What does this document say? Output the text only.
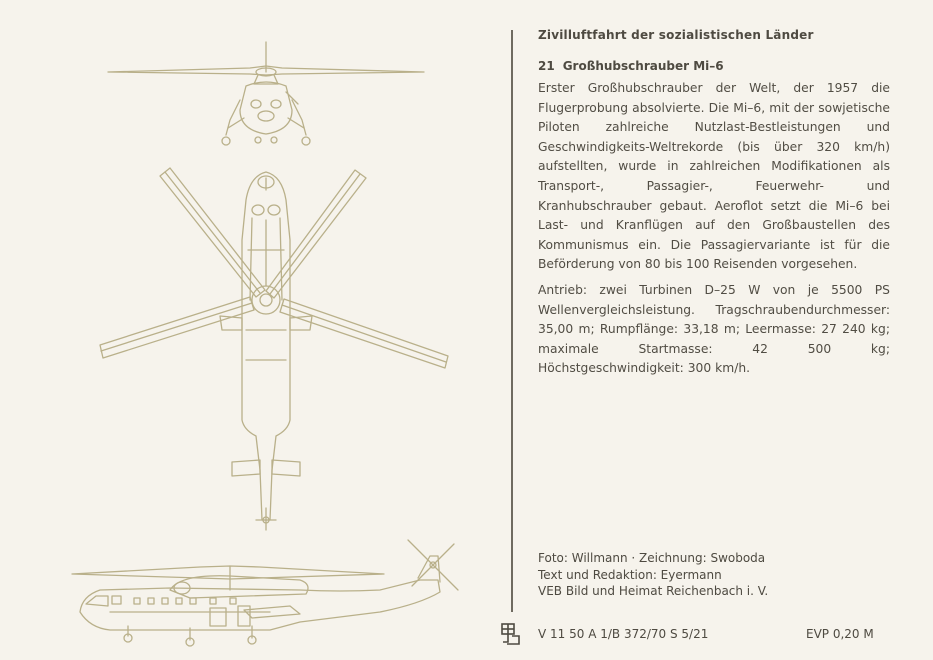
Zivilluftfahrt der sozialistischen Länder

21 Großhubschrauber Mi–6

Erster Großhubschrauber der Welt, der 1957 die Flugerprobung absolvierte. Die Mi–6, mit der sowjetische Piloten zahlreiche Nutzlast-Bestleistungen und Geschwindigkeits-Weltrekorde (bis über 320 km/h) aufstellten, wurde in zahlreichen Modifikationen als Transport-, Passagier-, Feuerwehr- und Kranhubschrauber gebaut. Aeroflot setzt die Mi–6 bei Last- und Kranflügen auf den Großbaustellen des Kommunismus ein. Die Passagiervariante ist für die Beförderung von 80 bis 100 Reisenden vorgesehen.

Antrieb: zwei Turbinen D–25 W von je 5500 PS Wellenvergleichsleistung. Tragschraubendurchmesser: 35,00 m; Rumpflänge: 33,18 m; Leermasse: 27 240 kg; maximale Startmasse: 42 500 kg; Höchstgeschwindigkeit: 300 km/h.

Foto: Willmann · Zeichnung: Swoboda
Text und Redaktion: Eyermann
VEB Bild und Heimat Reichenbach i. V.
V 11 50 A 1/B 372/70 S 5/21	EVP 0,20 M
